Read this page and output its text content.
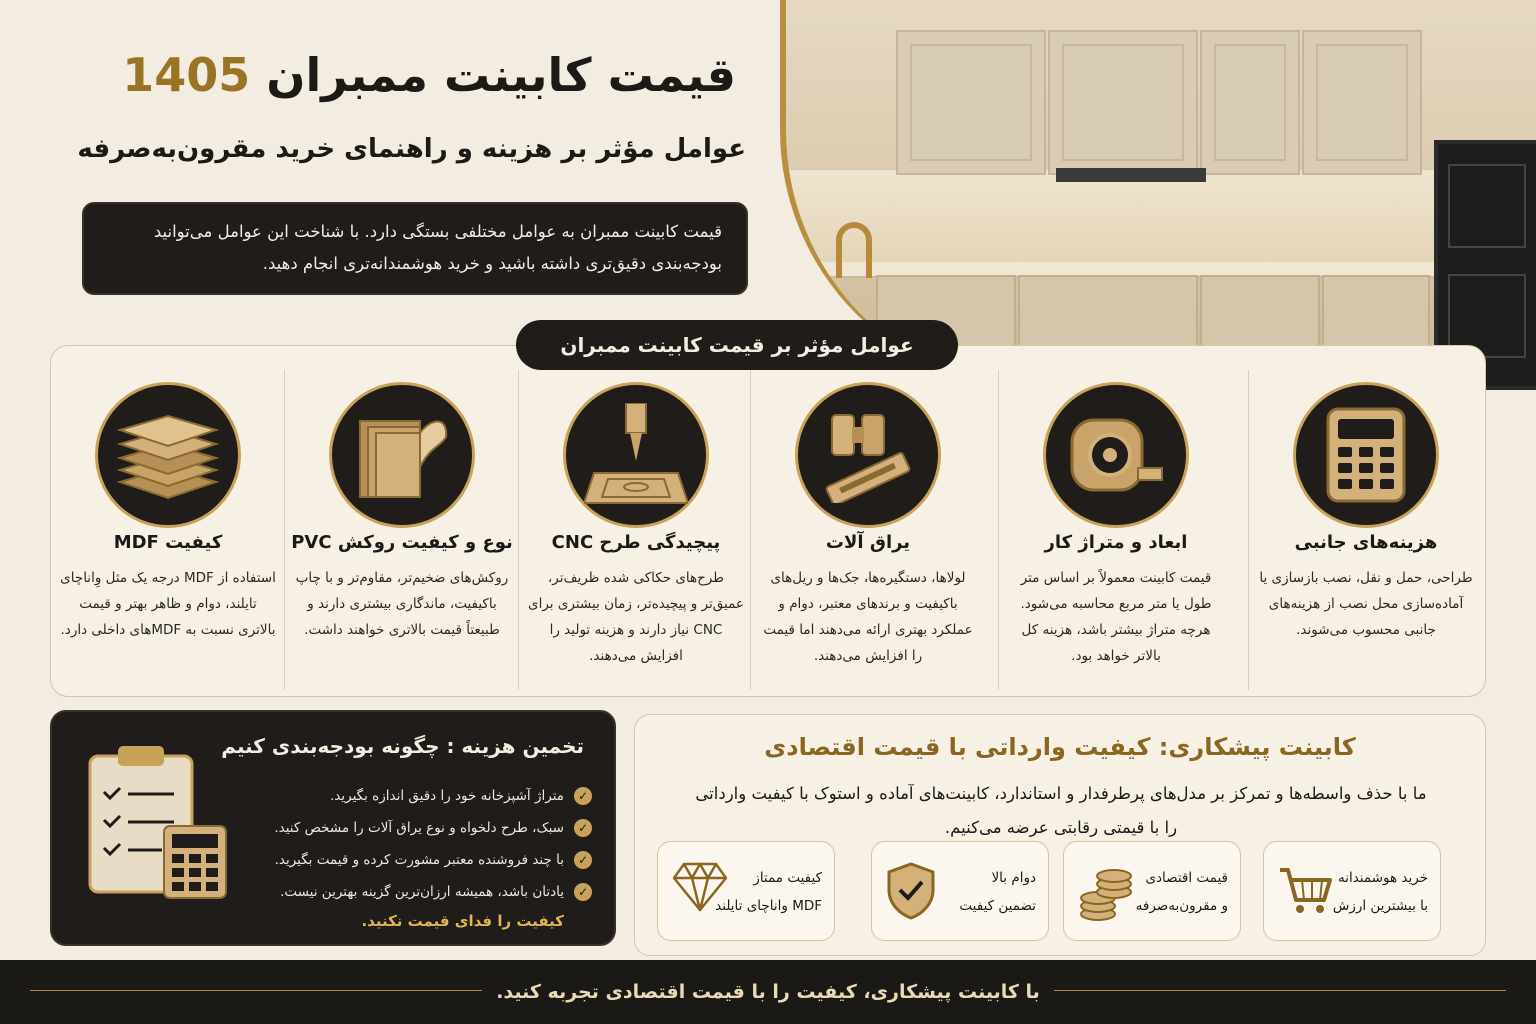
قیمت کابینت ممبران 1405
عوامل مؤثر بر هزینه و راهنمای خرید مقرون‌به‌صرفه
قیمت کابینت ممبران به عوامل مختلفی بستگی دارد. با شناخت این عوامل می‌توانید بودجه‌بندی دقیق‌تری داشته باشید و خرید هوشمندانه‌تری انجام دهید.
عوامل مؤثر بر قیمت کابینت ممبران
هزینه‌های جانبی
طراحی، حمل و نقل، نصب بازسازی یا آماده‌سازی محل نصب از هزینه‌های جانبی محسوب می‌شوند.
ابعاد و متراژ کار
قیمت کابینت معمولاً بر اساس متر طول یا متر مربع محاسبه می‌شود. هرچه متراژ بیشتر باشد، هزینه کل بالاتر خواهد بود.
یراق آلات
لولاها، دستگیره‌ها، جک‌ها و ریل‌های باکیفیت و برندهای معتبر، دوام و عملکرد بهتری ارائه می‌دهند اما قیمت را افزایش می‌دهند.
پیچیدگی طرح CNC
طرح‌های حکاکی شده ظریف‌تر، عمیق‌تر و پیچیده‌تر، زمان بیشتری برای CNC نیاز دارند و هزینه تولید را افزایش می‌دهند.
نوع و کیفیت روکش PVC
روکش‌های ضخیم‌تر، مقاوم‌تر و با چاپ باکیفیت، ماندگاری بیشتری دارند و طبیعتاً قیمت بالاتری خواهند داشت.
کیفیت MDF
استفاده از MDF درجه یک مثل وِاناچای تایلند، دوام و ظاهر بهتر و قیمت بالاتری نسبت به MDFهای داخلی دارد.
تخمین هزینه : چگونه بودجه‌بندی کنیم
✓
متراژ آشپزخانه خود را دقیق اندازه بگیرید.
✓
سبک، طرح دلخواه و نوع یراق آلات را مشخص کنید.
✓
با چند فروشنده معتبر مشورت کرده و قیمت بگیرید.
✓
یادتان باشد، همیشه ارزان‌ترین گزینه بهترین نیست.
کیفیت را فدای قیمت نکنید.
کابینت پیشکاری: کیفیت وارداتی با قیمت اقتصادی
ما با حذف واسطه‌ها و تمرکز بر مدل‌های پرطرفدار و استاندارد، کابینت‌های آماده و استوک با کیفیت وارداتی را با قیمتی رقابتی عرضه می‌کنیم.
خرید هوشمندانه
با بیشترین ارزش
قیمت اقتصادی
و مقرون‌به‌صرفه
دوام بالا
تضمین کیفیت
کیفیت ممتاز
MDF واناچای تایلند
با کابینت پیشکاری، کیفیت را با قیمت اقتصادی تجربه کنید.
